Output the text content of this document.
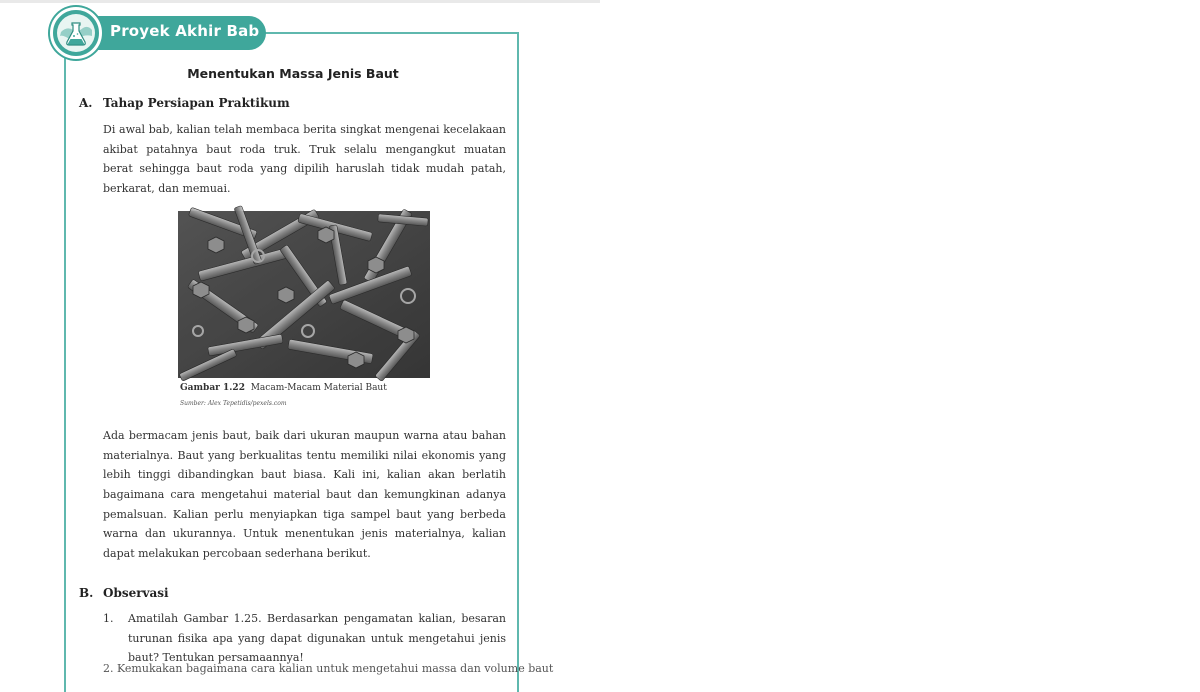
Proyek Akhir Bab
Menentukan Massa Jenis Baut
A. Tahap Persiapan Praktikum
Di awal bab, kalian telah membaca berita singkat mengenai kecelakaan
akibat patahnya baut roda truk. Truk selalu mengangkut muatan
berat sehingga baut roda yang dipilih haruslah tidak mudah patah,
berkarat, dan memuai.
Gambar 1.22 Macam-Macam Material Baut
Sumber: Alex Tepetidis/pexels.com
Ada bermacam jenis baut, baik dari ukuran maupun warna atau bahan
materialnya. Baut yang berkualitas tentu memiliki nilai ekonomis yang
lebih tinggi dibandingkan baut biasa. Kali ini, kalian akan berlatih
bagaimana cara mengetahui material baut dan kemungkinan adanya
pemalsuan. Kalian perlu menyiapkan tiga sampel baut yang berbeda
warna dan ukurannya. Untuk menentukan jenis materialnya, kalian
dapat melakukan percobaan sederhana berikut.
B. Observasi
1. Amatilah Gambar 1.25. Berdasarkan pengamatan kalian, besaran
turunan fisika apa yang dapat digunakan untuk mengetahui jenis
baut? Tentukan persamaannya!
2. Kemukakan bagaimana cara kalian untuk mengetahui massa dan volume baut
